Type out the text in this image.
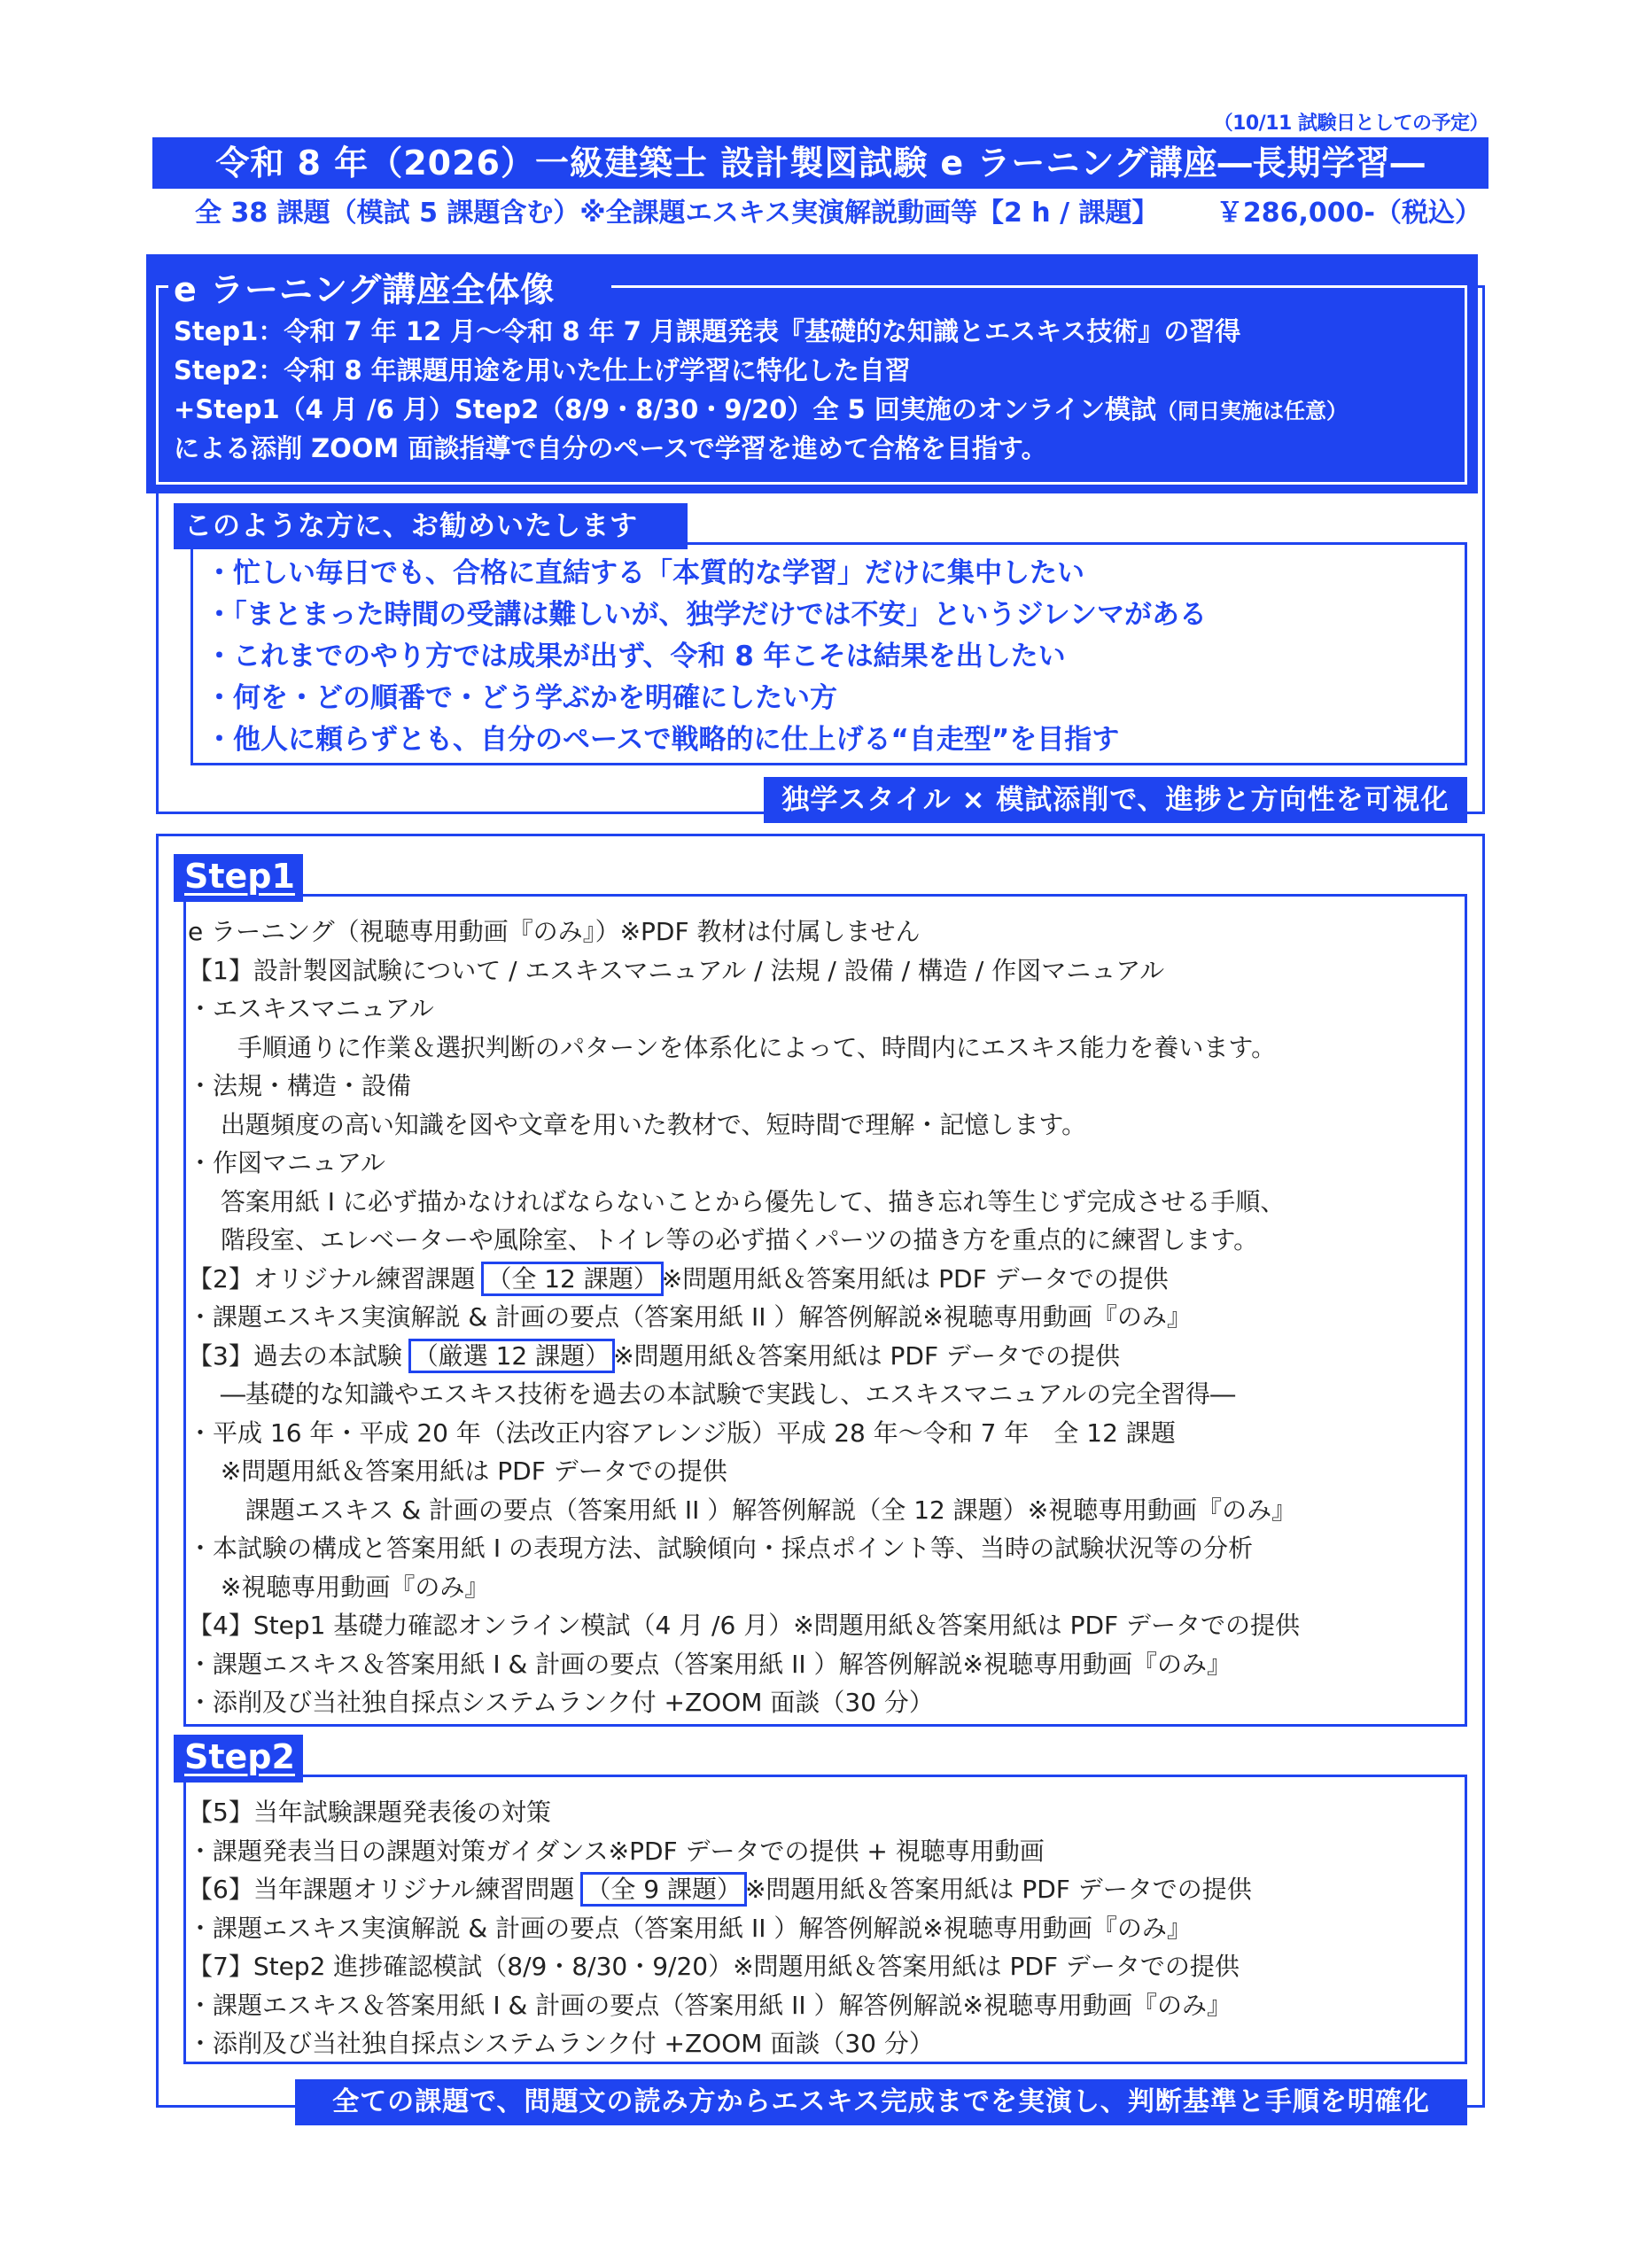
（10/11 試験日としての予定）
令和 8 年（2026）一級建築士 設計製図試験 e ラーニング講座―長期学習―
全 38 課題（模試 5 課題含む）※全課題エスキス実演解説動画等【2 h / 課題】 ￥286,000-（税込）
e ラーニング講座全体像
Step1：令和 7 年 12 月～令和 8 年 7 月課題発表『基礎的な知識とエスキス技術』の習得
Step2：令和 8 年課題用途を用いた仕上げ学習に特化した自習
+Step1（4 月 /6 月）Step2（8/9・8/30・9/20）全 5 回実施のオンライン模試（同日実施は任意）
による添削 ZOOM 面談指導で自分のペースで学習を進めて合格を目指す。
このような方に、お勧めいたします
・忙しい毎日でも、合格に直結する「本質的な学習」だけに集中したい
・「まとまった時間の受講は難しいが、独学だけでは不安」というジレンマがある
・これまでのやり方では成果が出ず、令和 8 年こそは結果を出したい
・何を・どの順番で・どう学ぶかを明確にしたい方
・他人に頼らずとも、自分のペースで戦略的に仕上げる“自走型”を目指す
独学スタイル × 模試添削で、進捗と方向性を可視化
Step1
e ラーニング（視聴専用動画『のみ』）※PDF 教材は付属しません
【1】設計製図試験について / エスキスマニュアル / 法規 / 設備 / 構造 / 作図マニュアル
・エスキスマニュアル
　　手順通りに作業＆選択判断のパターンを体系化によって、時間内にエスキス能力を養います。
・法規・構造・設備
　 出題頻度の高い知識を図や文章を用いた教材で、短時間で理解・記憶します。
・作図マニュアル
　 答案用紙 I に必ず描かなければならないことから優先して、描き忘れ等生じず完成させる手順、
　 階段室、エレベーターや風除室、トイレ等の必ず描くパーツの描き方を重点的に練習します。
【2】オリジナル練習課題 （全 12 課題） ※問題用紙＆答案用紙は PDF データでの提供
・課題エスキス実演解説 & 計画の要点（答案用紙 II ）解答例解説※視聴専用動画『のみ』
【3】過去の本試験 （厳選 12 課題） ※問題用紙＆答案用紙は PDF データでの提供
　 ―基礎的な知識やエスキス技術を過去の本試験で実践し、エスキスマニュアルの完全習得―
・平成 16 年・平成 20 年（法改正内容アレンジ版）平成 28 年～令和 7 年　全 12 課題
　 ※問題用紙＆答案用紙は PDF データでの提供
　　 課題エスキス & 計画の要点（答案用紙 II ）解答例解説（全 12 課題）※視聴専用動画『のみ』
・本試験の構成と答案用紙 I の表現方法、試験傾向・採点ポイント等、当時の試験状況等の分析
　 ※視聴専用動画『のみ』
【4】Step1 基礎力確認オンライン模試（4 月 /6 月）※問題用紙＆答案用紙は PDF データでの提供
・課題エスキス＆答案用紙 I & 計画の要点（答案用紙 II ）解答例解説※視聴専用動画『のみ』
・添削及び当社独自採点システムランク付 +ZOOM 面談（30 分）
Step2
【5】当年試験課題発表後の対策
・課題発表当日の課題対策ガイダンス※PDF データでの提供 + 視聴専用動画
【6】当年課題オリジナル練習問題 （全 9 課題） ※問題用紙＆答案用紙は PDF データでの提供
・課題エスキス実演解説 & 計画の要点（答案用紙 II ）解答例解説※視聴専用動画『のみ』
【7】Step2 進捗確認模試（8/9・8/30・9/20）※問題用紙＆答案用紙は PDF データでの提供
・課題エスキス＆答案用紙 I & 計画の要点（答案用紙 II ）解答例解説※視聴専用動画『のみ』
・添削及び当社独自採点システムランク付 +ZOOM 面談（30 分）
全ての課題で、問題文の読み方からエスキス完成までを実演し、判断基準と手順を明確化
